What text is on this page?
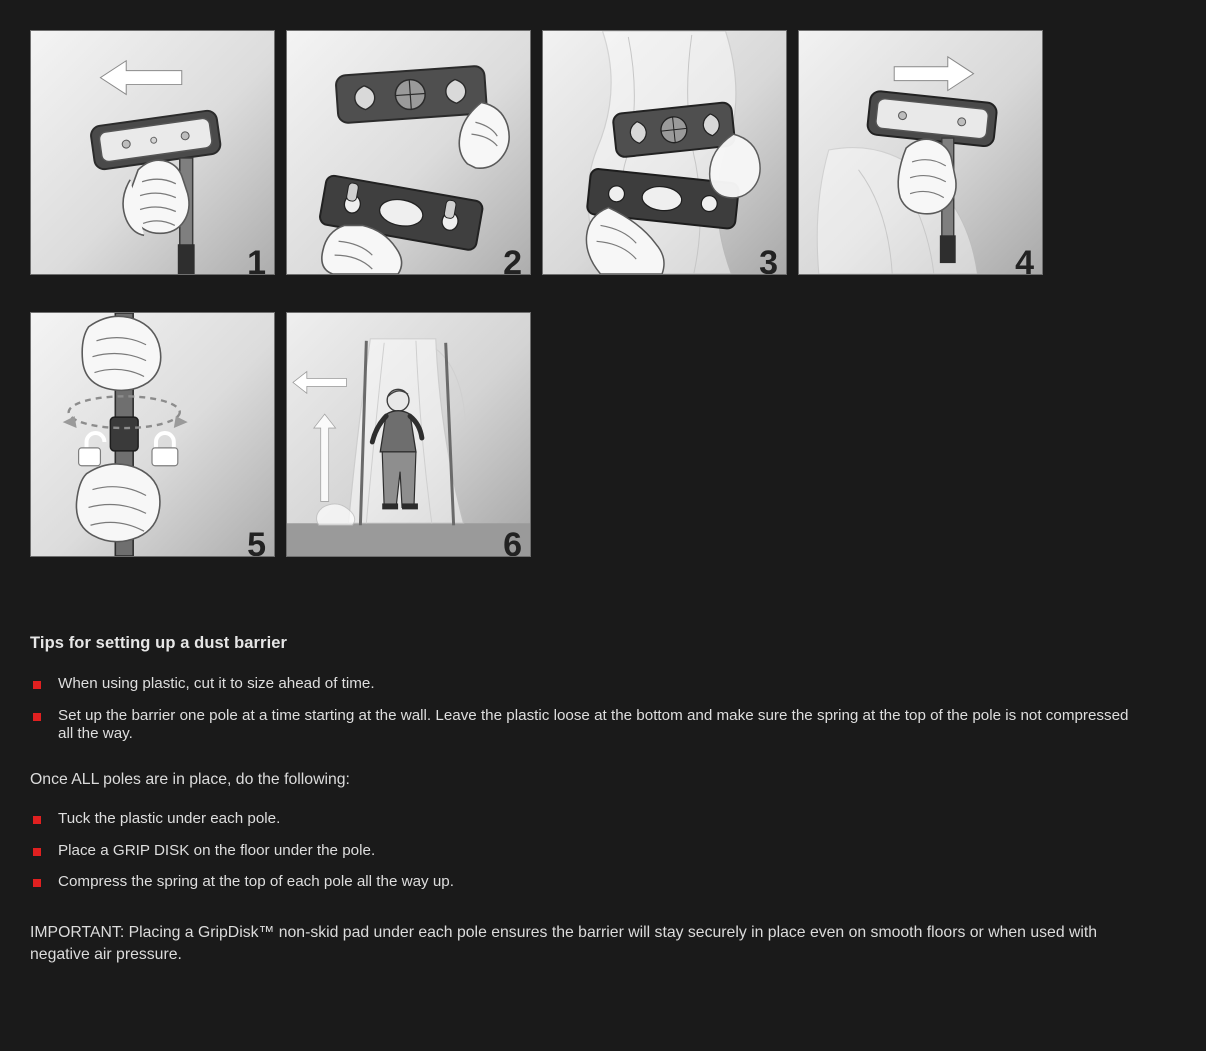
1	2	3	4
5	6
Tips for setting up a dust barrier
When using plastic, cut it to size ahead of time.
Set up the barrier one pole at a time starting at the wall. Leave the plastic loose at the bottom and make sure the spring at the top of the pole is not compressed all the way.

Once ALL poles are in place, do the following:

Tuck the plastic under each pole.
Place a GRIP DISK on the floor under the pole.
Compress the spring at the top of each pole all the way up.

IMPORTANT: Placing a GripDisk™ non-skid pad under each pole ensures the barrier will stay securely in place even on smooth floors or when used with negative air pressure.
